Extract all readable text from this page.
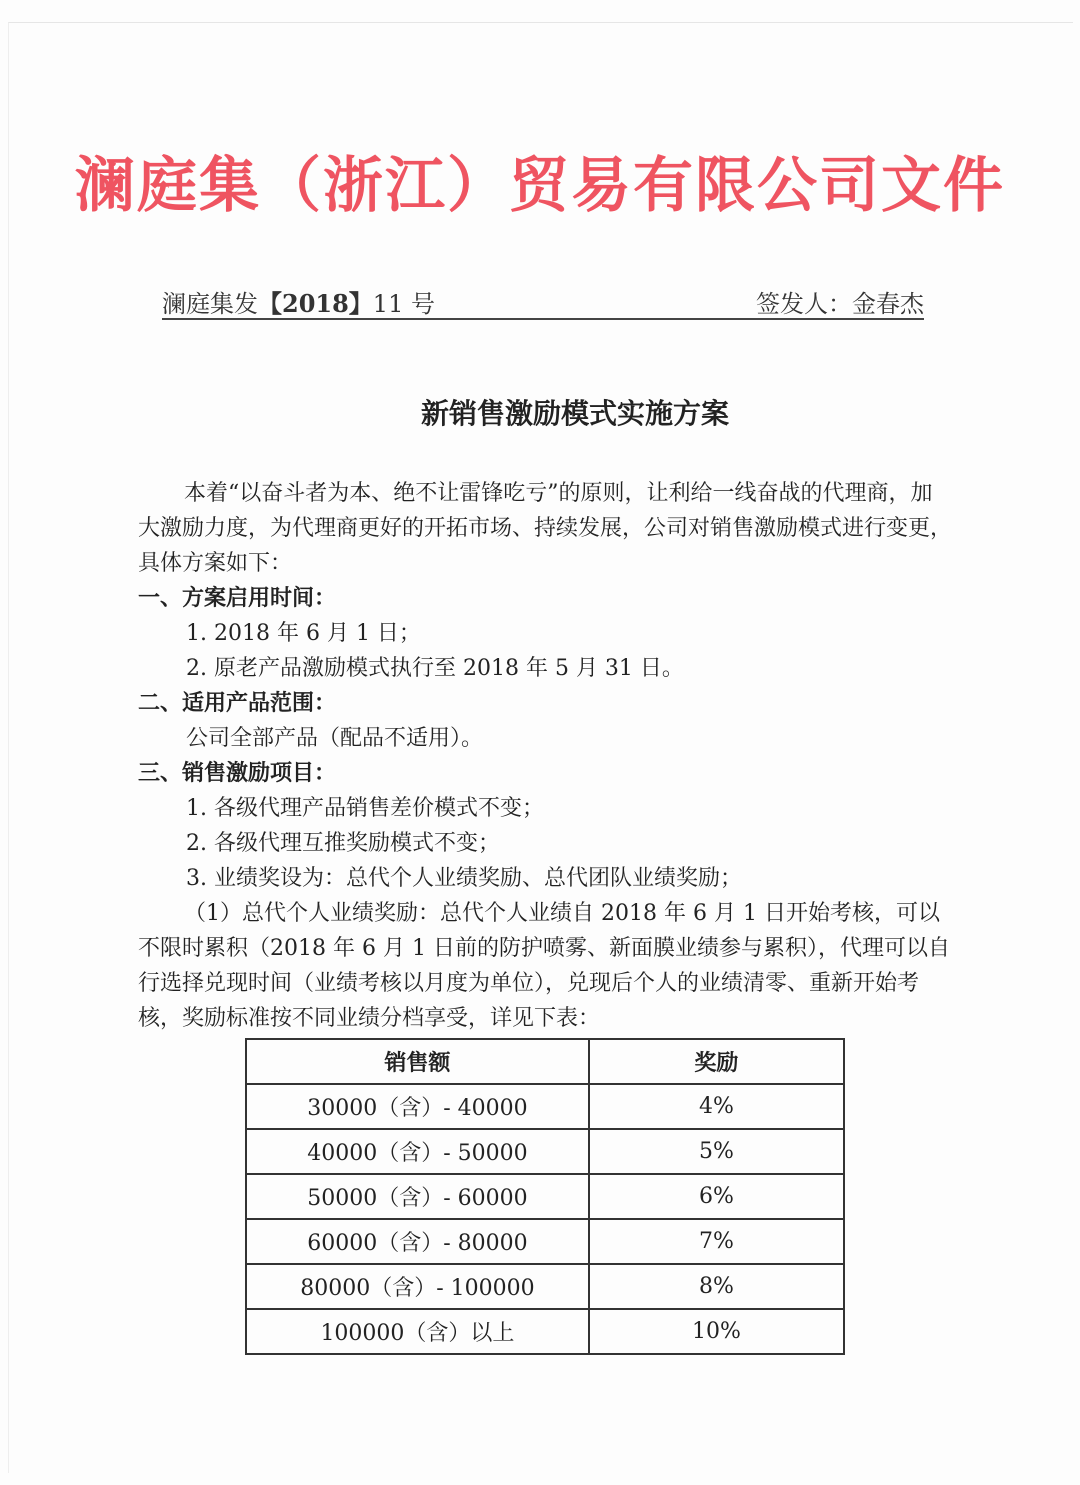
澜庭集（浙江）贸易有限公司文件
澜庭集发【2018】11 号	签发人：金春杰
新销售激励模式实施方案

本着“以奋斗者为本、绝不让雷锋吃亏”的原则，让利给一线奋战的代理商，加大激励力度，为代理商更好的开拓市场、持续发展，公司对销售激励模式进行变更，具体方案如下：

一、方案启用时间：

1. 2018 年 6 月 1 日；

2. 原老产品激励模式执行至 2018 年 5 月 31 日。

二、适用产品范围：

公司全部产品（配品不适用）。

三、销售激励项目：

1. 各级代理产品销售差价模式不变；

2. 各级代理互推奖励模式不变；

3. 业绩奖设为：总代个人业绩奖励、总代团队业绩奖励；

（1）总代个人业绩奖励：总代个人业绩自 2018 年 6 月 1 日开始考核，可以不限时累积（2018 年 6 月 1 日前的防护喷雾、新面膜业绩参与累积），代理可以自行选择兑现时间（业绩考核以月度为单位），兑现后个人的业绩清零、重新开始考核，奖励标准按不同业绩分档享受，详见下表：

销售额	奖励
30000（含）- 40000	4%
40000（含）- 50000	5%
50000（含）- 60000	6%
60000（含）- 80000	7%
80000（含）- 100000	8%
100000（含）以上	10%
